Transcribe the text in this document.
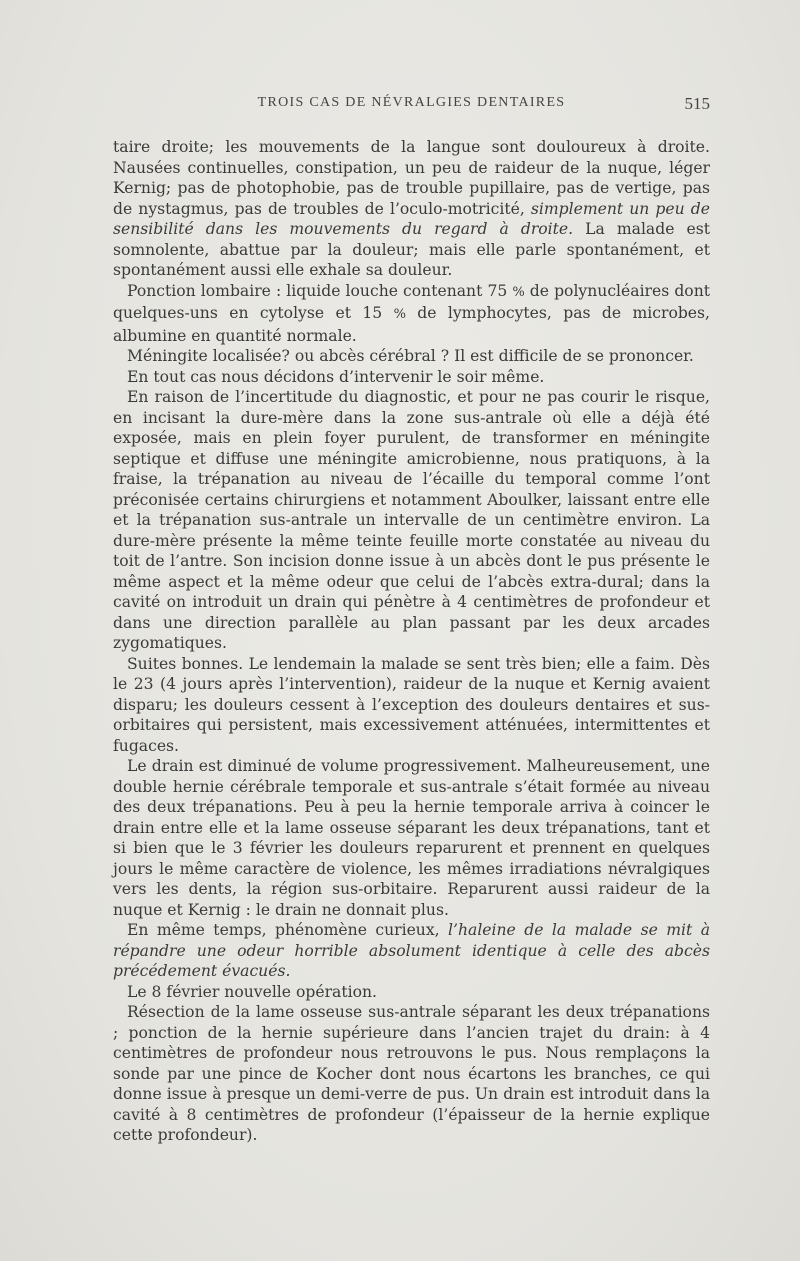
TROIS CAS DE NÉVRALGIES DENTAIRES	515

taire droite; les mouvements de la langue sont douloureux à droite. Nausées continuelles, constipation, un peu de raideur de la nuque, léger Kernig; pas de photophobie, pas de trouble pupillaire, pas de vertige, pas de nystagmus, pas de troubles de l’oculo-motricité, simplement un peu de sensibilité dans les mouvements du regard à droite. La malade est somnolente, abattue par la douleur; mais elle parle spontanément, et spontanément aussi elle exhale sa douleur.

Ponction lombaire : liquide louche contenant 75 % de polynucléaires dont quelques-uns en cytolyse et 15 % de lymphocytes, pas de microbes, albumine en quantité normale.

Méningite localisée? ou abcès cérébral ? Il est difficile de se prononcer.

En tout cas nous décidons d’intervenir le soir même.

En raison de l’incertitude du diagnostic, et pour ne pas courir le risque, en incisant la dure-mère dans la zone sus-antrale où elle a déjà été exposée, mais en plein foyer purulent, de transformer en méningite septique et diffuse une méningite amicrobienne, nous pratiquons, à la fraise, la trépanation au niveau de l’écaille du temporal comme l’ont préconisée certains chirurgiens et notamment Aboulker, laissant entre elle et la trépanation sus-antrale un intervalle de un centimètre environ. La dure-mère présente la même teinte feuille morte constatée au niveau du toit de l’antre. Son incision donne issue à un abcès dont le pus présente le même aspect et la même odeur que celui de l’abcès extra-dural; dans la cavité on introduit un drain qui pénètre à 4 centimètres de profondeur et dans une direction parallèle au plan passant par les deux arcades zygomatiques.

Suites bonnes. Le lendemain la malade se sent très bien; elle a faim. Dès le 23 (4 jours après l’intervention), raideur de la nuque et Kernig avaient disparu; les douleurs cessent à l’exception des douleurs dentaires et sus-orbitaires qui persistent, mais excessivement atténuées, intermittentes et fugaces.

Le drain est diminué de volume progressivement. Malheureusement, une double hernie cérébrale temporale et sus-antrale s’était formée au niveau des deux trépanations. Peu à peu la hernie temporale arriva à coincer le drain entre elle et la lame osseuse séparant les deux trépanations, tant et si bien que le 3 février les douleurs reparurent et prennent en quelques jours le même caractère de violence, les mêmes irradiations névralgiques vers les dents, la région sus-orbitaire. Reparurent aussi raideur de la nuque et Kernig : le drain ne donnait plus.

En même temps, phénomène curieux, l’haleine de la malade se mit à répandre une odeur horrible absolument identique à celle des abcès précédement évacués.

Le 8 février nouvelle opération.

Résection de la lame osseuse sus-antrale séparant les deux trépanations ; ponction de la hernie supérieure dans l’ancien trajet du drain: à 4 centimètres de profondeur nous retrouvons le pus. Nous remplaçons la sonde par une pince de Kocher dont nous écartons les branches, ce qui donne issue à presque un demi-verre de pus. Un drain est introduit dans la cavité à 8 centimètres de profondeur (l’épaisseur de la hernie explique cette profondeur).
